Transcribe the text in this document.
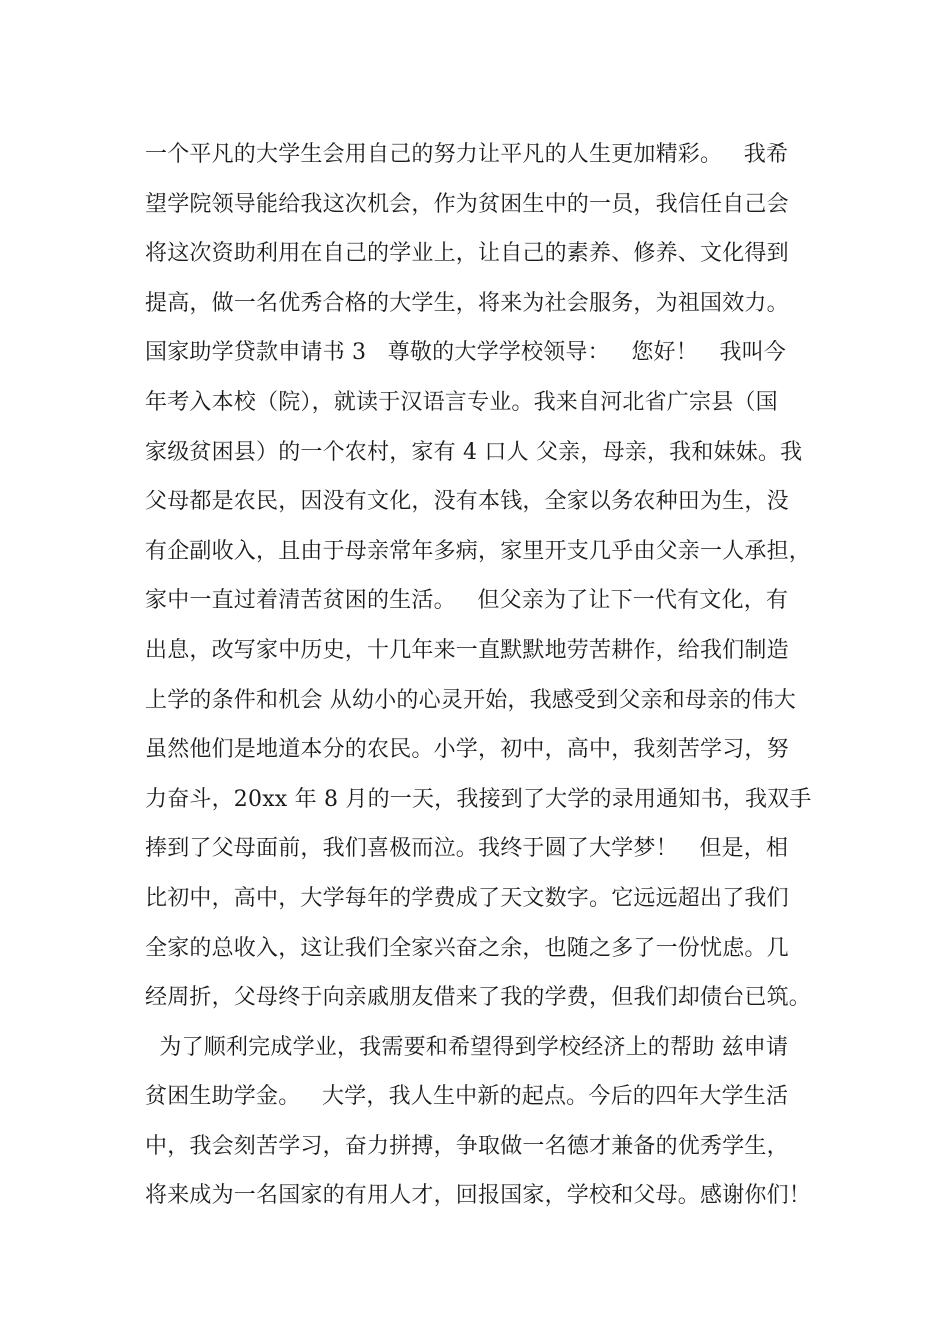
一个平凡的大学生会用自己的努力让平凡的人生更加精彩。   我希
望学院领导能给我这次机会，作为贫困生中的一员，我信任自己会
将这次资助利用在自己的学业上，让自己的素养、修养、文化得到
提高，做一名优秀合格的大学生，将来为社会服务，为祖国效力。
国家助学贷款申请书 3   尊敬的大学学校领导：   您好！   我叫今
年考入本校（院），就读于汉语言专业。我来自河北省广宗县（国
家级贫困县）的一个农村，家有 4 口人 父亲，母亲，我和妹妹。我
父母都是农民，因没有文化，没有本钱，全家以务农种田为生，没
有企副收入，且由于母亲常年多病，家里开支几乎由父亲一人承担，
家中一直过着清苦贫困的生活。   但父亲为了让下一代有文化，有
出息，改写家中历史，十几年来一直默默地劳苦耕作，给我们制造
上学的条件和机会 从幼小的心灵开始，我感受到父亲和母亲的伟大
虽然他们是地道本分的农民。小学，初中，高中，我刻苦学习，努
力奋斗，20xx 年 8 月的一天，我接到了大学的录用通知书，我双手
捧到了父母面前，我们喜极而泣。我终于圆了大学梦！   但是，相
比初中，高中，大学每年的学费成了天文数字。它远远超出了我们
全家的总收入，这让我们全家兴奋之余，也随之多了一份忧虑。几
经周折，父母终于向亲戚朋友借来了我的学费，但我们却债台已筑。
为了顺利完成学业，我需要和希望得到学校经济上的帮助 兹申请
贫困生助学金。   大学，我人生中新的起点。今后的四年大学生活
中，我会刻苦学习，奋力拼搏，争取做一名德才兼备的优秀学生，
将来成为一名国家的有用人才，回报国家，学校和父母。感谢你们！
